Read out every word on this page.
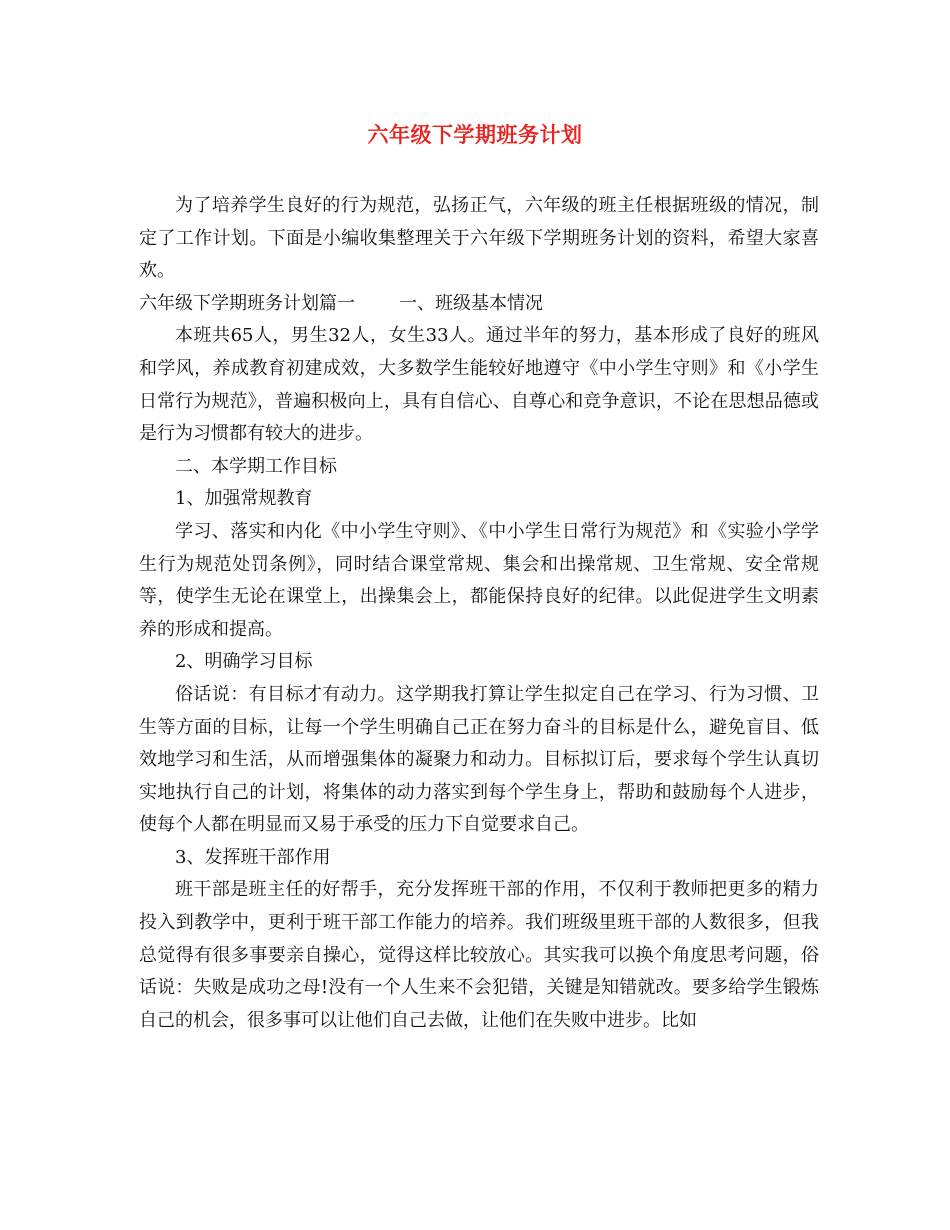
六年级下学期班务计划

为了培养学生良好的行为规范，弘扬正气，六年级的班主任根据班级的情况，制定了工作计划。下面是小编收集整理关于六年级下学期班务计划的资料，希望大家喜欢。

六年级下学期班务计划篇一 一、班级基本情况

本班共65人，男生32人，女生33人。通过半年的努力，基本形成了良好的班风和学风，养成教育初建成效，大多数学生能较好地遵守《中小学生守则》和《小学生日常行为规范》，普遍积极向上，具有自信心、自尊心和竞争意识，不论在思想品德或是行为习惯都有较大的进步。

二、本学期工作目标

1、加强常规教育

学习、落实和内化《中小学生守则》、《中小学生日常行为规范》和《实验小学学生行为规范处罚条例》，同时结合课堂常规、集会和出操常规、卫生常规、安全常规等，使学生无论在课堂上，出操集会上，都能保持良好的纪律。以此促进学生文明素养的形成和提高。

2、明确学习目标

俗话说：有目标才有动力。这学期我打算让学生拟定自己在学习、行为习惯、卫生等方面的目标，让每一个学生明确自己正在努力奋斗的目标是什么，避免盲目、低效地学习和生活，从而增强集体的凝聚力和动力。目标拟订后，要求每个学生认真切实地执行自己的计划，将集体的动力落实到每个学生身上，帮助和鼓励每个人进步，使每个人都在明显而又易于承受的压力下自觉要求自己。

3、发挥班干部作用

班干部是班主任的好帮手，充分发挥班干部的作用，不仅利于教师把更多的精力投入到教学中，更利于班干部工作能力的培养。我们班级里班干部的人数很多，但我总觉得有很多事要亲自操心，觉得这样比较放心。其实我可以换个角度思考问题，俗话说：失败是成功之母!没有一个人生来不会犯错，关键是知错就改。要多给学生锻炼自己的机会，很多事可以让他们自己去做，让他们在失败中进步。比如
